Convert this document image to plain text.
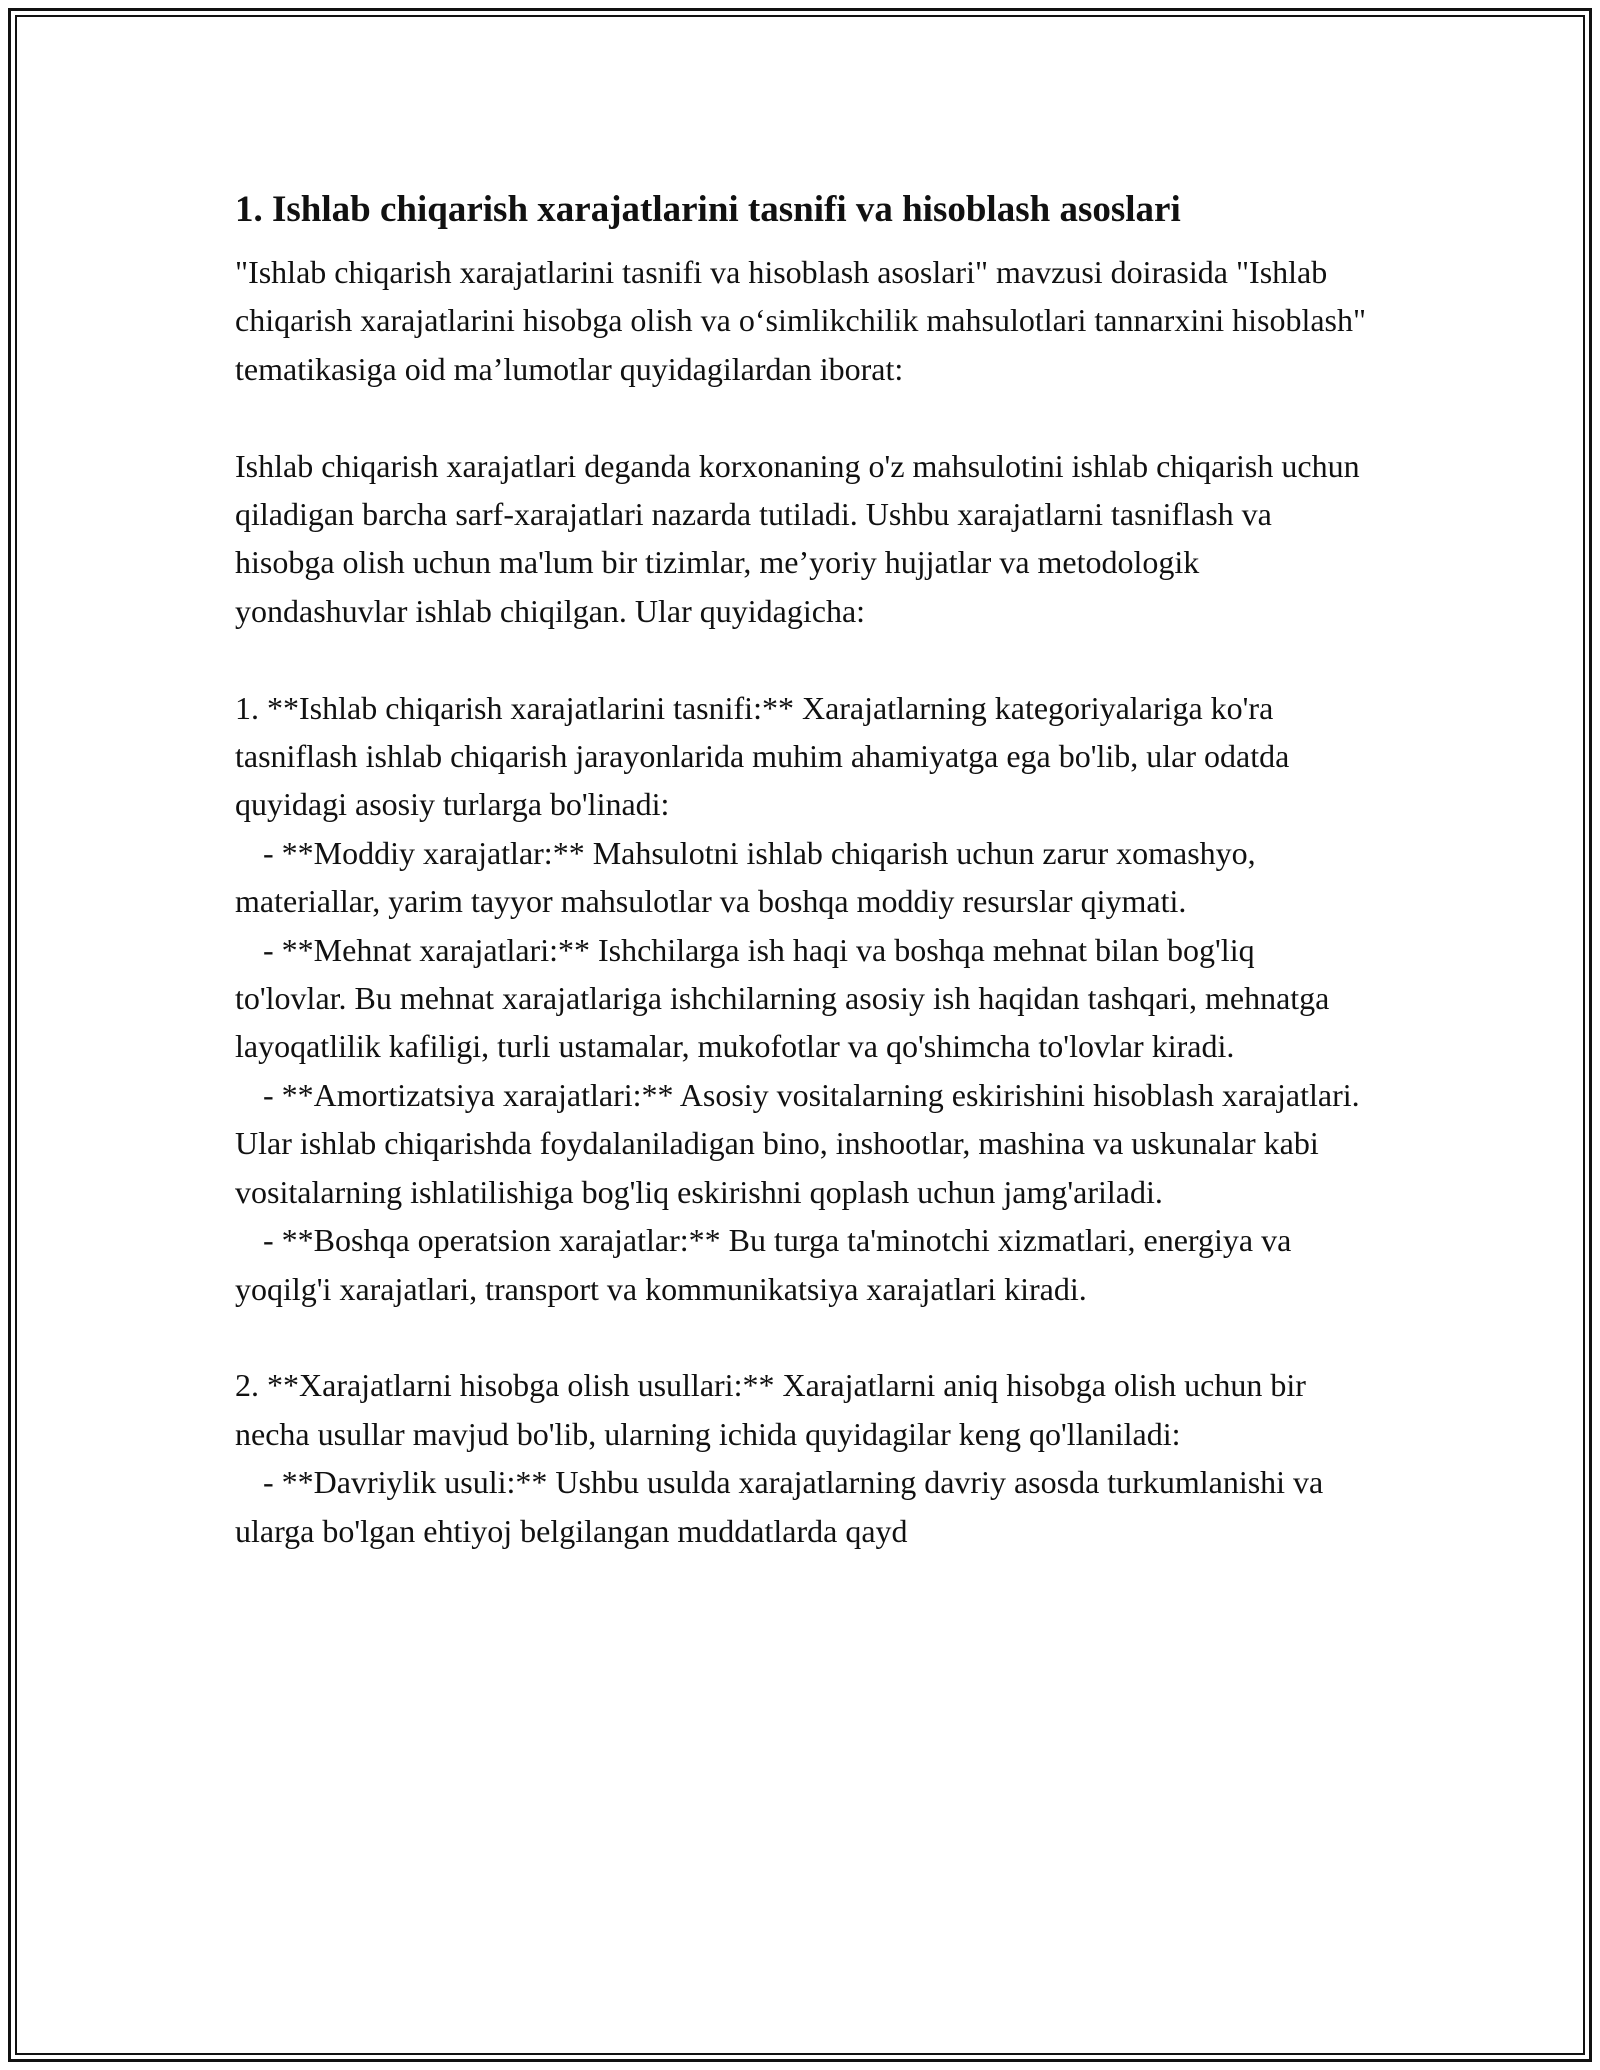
1. Ishlab chiqarish xarajatlarini tasnifi va hisoblash asoslari

"Ishlab chiqarish xarajatlarini tasnifi va hisoblash asoslari" mavzusi doirasida "Ishlab chiqarish xarajatlarini hisobga olish va o‘simlikchilik mahsulotlari tannarxini hisoblash" tematikasiga oid ma’lumotlar quyidagilardan iborat:

Ishlab chiqarish xarajatlari deganda korxonaning o'z mahsulotini ishlab chiqarish uchun qiladigan barcha sarf-xarajatlari nazarda tutiladi. Ushbu xarajatlarni tasniflash va hisobga olish uchun ma'lum bir tizimlar, me’yoriy hujjatlar va metodologik yondashuvlar ishlab chiqilgan. Ular quyidagicha:

1. **Ishlab chiqarish xarajatlarini tasnifi:** Xarajatlarning kategoriyalariga ko'ra tasniflash ishlab chiqarish jarayonlarida muhim ahamiyatga ega bo'lib, ular odatda quyidagi asosiy turlarga bo'linadi:

- **Moddiy xarajatlar:** Mahsulotni ishlab chiqarish uchun zarur xomashyo, materiallar, yarim tayyor mahsulotlar va boshqa moddiy resurslar qiymati.

- **Mehnat xarajatlari:** Ishchilarga ish haqi va boshqa mehnat bilan bog'liq to'lovlar. Bu mehnat xarajatlariga ishchilarning asosiy ish haqidan tashqari, mehnatga layoqatlilik kafiligi, turli ustamalar, mukofotlar va qo'shimcha to'lovlar kiradi.

- **Amortizatsiya xarajatlari:** Asosiy vositalarning eskirishini hisoblash xarajatlari. Ular ishlab chiqarishda foydalaniladigan bino, inshootlar, mashina va uskunalar kabi vositalarning ishlatilishiga bog'liq eskirishni qoplash uchun jamg'ariladi.

- **Boshqa operatsion xarajatlar:** Bu turga ta'minotchi xizmatlari, energiya va yoqilg'i xarajatlari, transport va kommunikatsiya xarajatlari kiradi.

2. **Xarajatlarni hisobga olish usullari:** Xarajatlarni aniq hisobga olish uchun bir necha usullar mavjud bo'lib, ularning ichida quyidagilar keng qo'llaniladi:

- **Davriylik usuli:** Ushbu usulda xarajatlarning davriy asosda turkumlanishi va ularga bo'lgan ehtiyoj belgilangan muddatlarda qayd
